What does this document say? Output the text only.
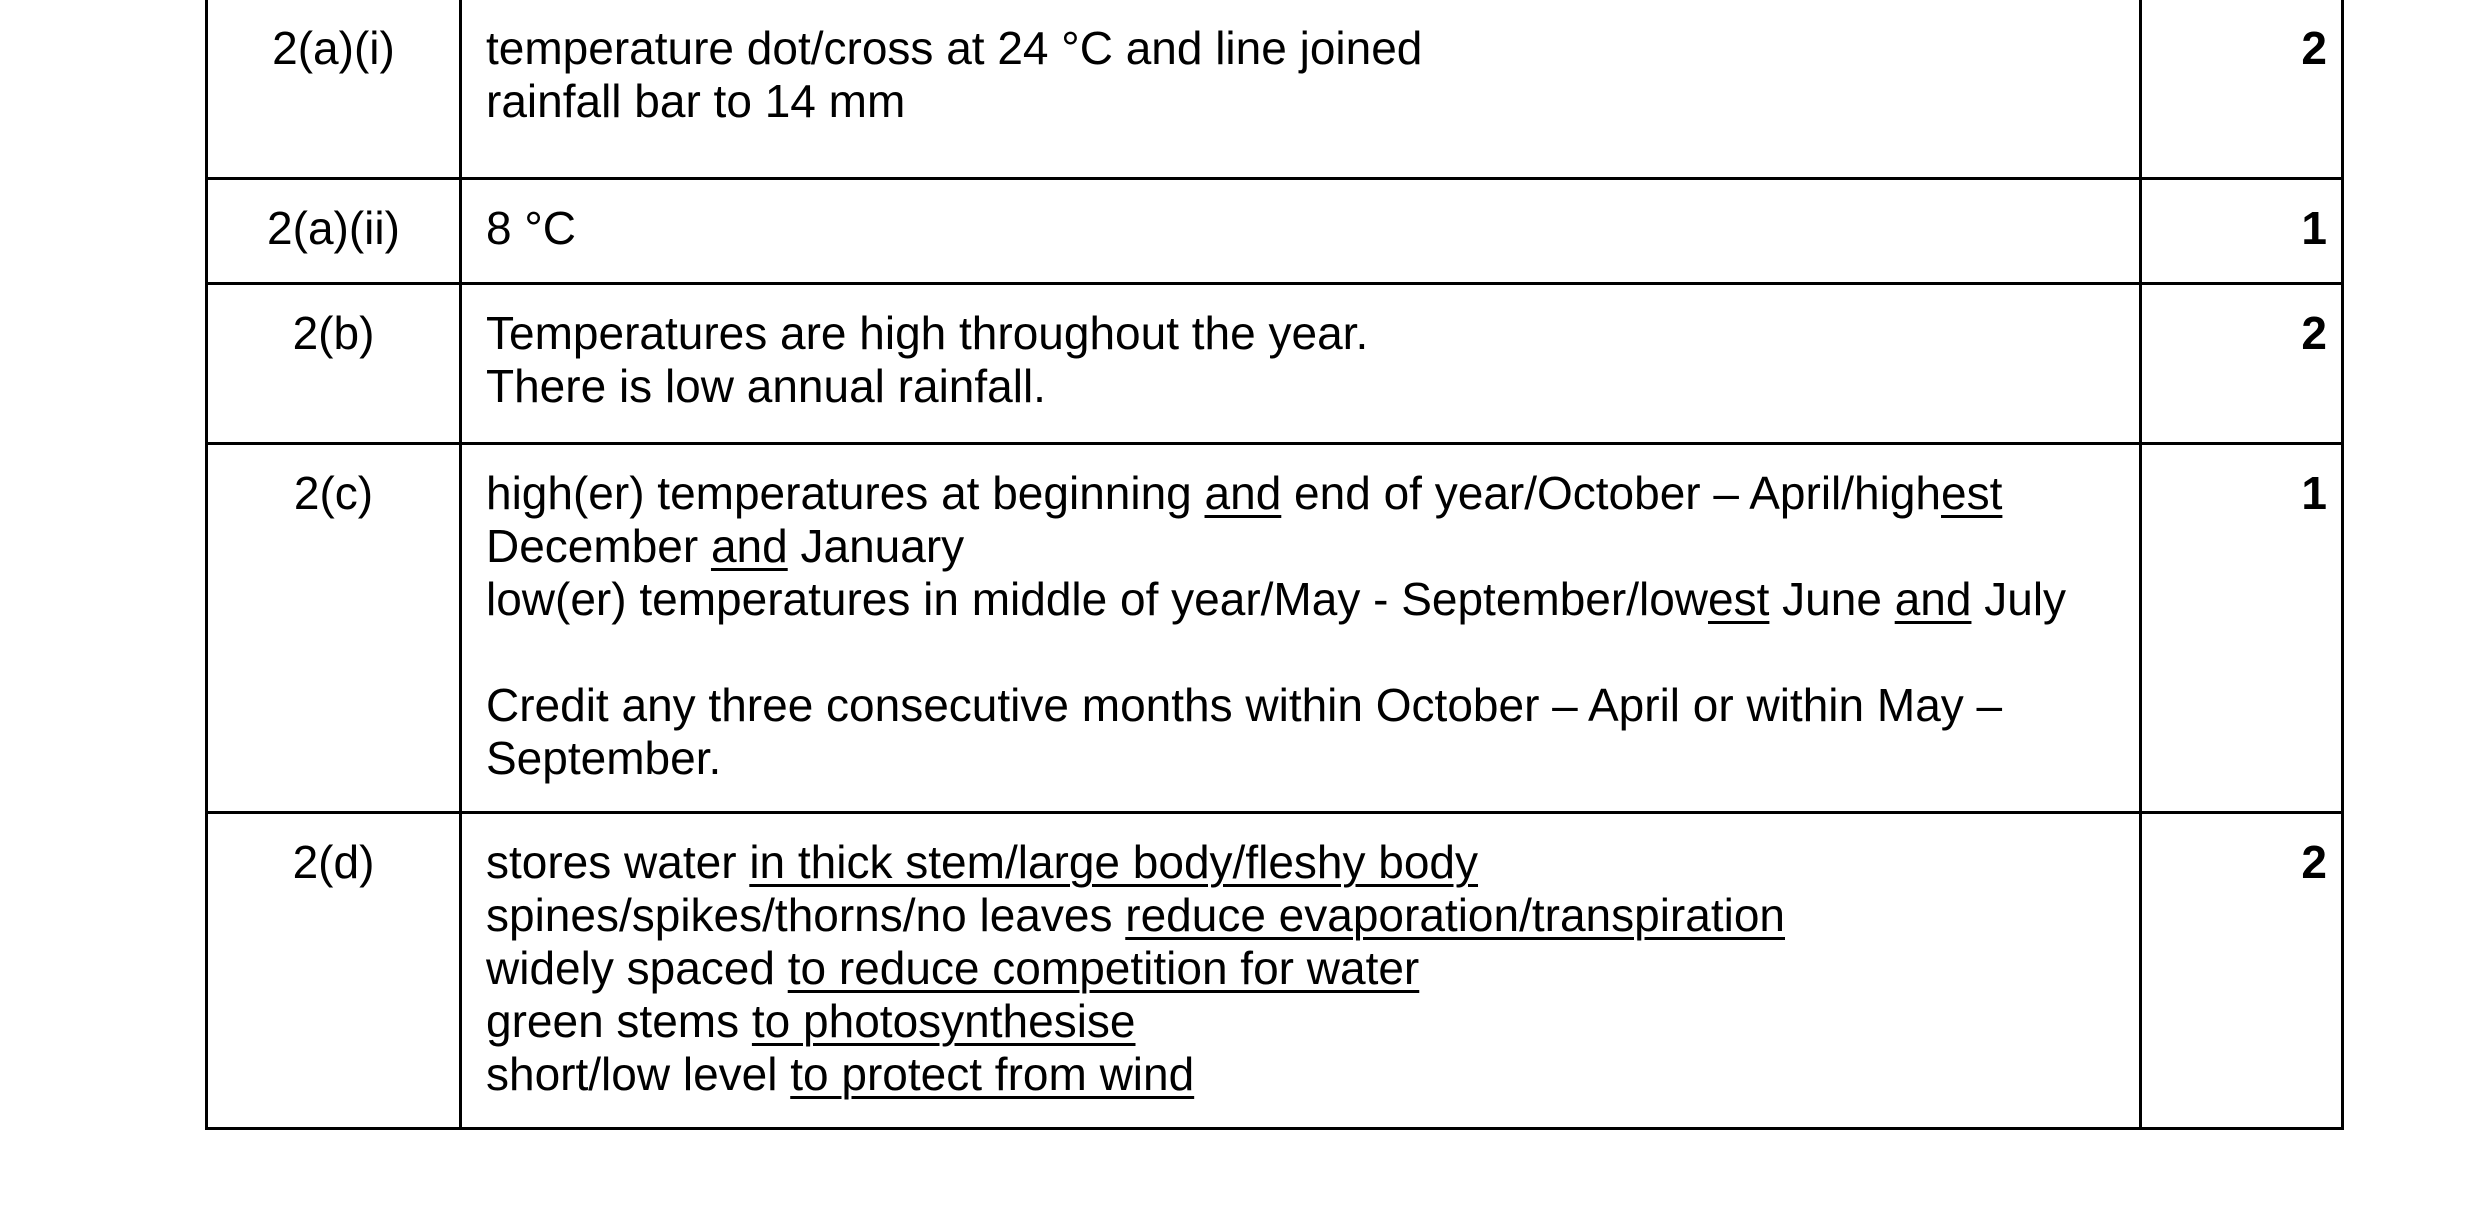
2(a)(i)	temperature dot/cross at 24 °C and line joined
rainfall bar to 14 mm	2
2(a)(ii)	8 °C	1
2(b)	Temperatures are high throughout the year.
There is low annual rainfall.	2
2(c)	high(er) temperatures at beginning and end of year/October – April/highest
December and January
low(er) temperatures in middle of year/May - September/lowest June and July
Credit any three consecutive months within October – April or within May –
September.	1
2(d)	stores water in thick stem/large body/fleshy body
spines/spikes/thorns/no leaves reduce evaporation/transpiration
widely spaced to reduce competition for water
green stems to photosynthesise
short/low level to protect from wind	2
